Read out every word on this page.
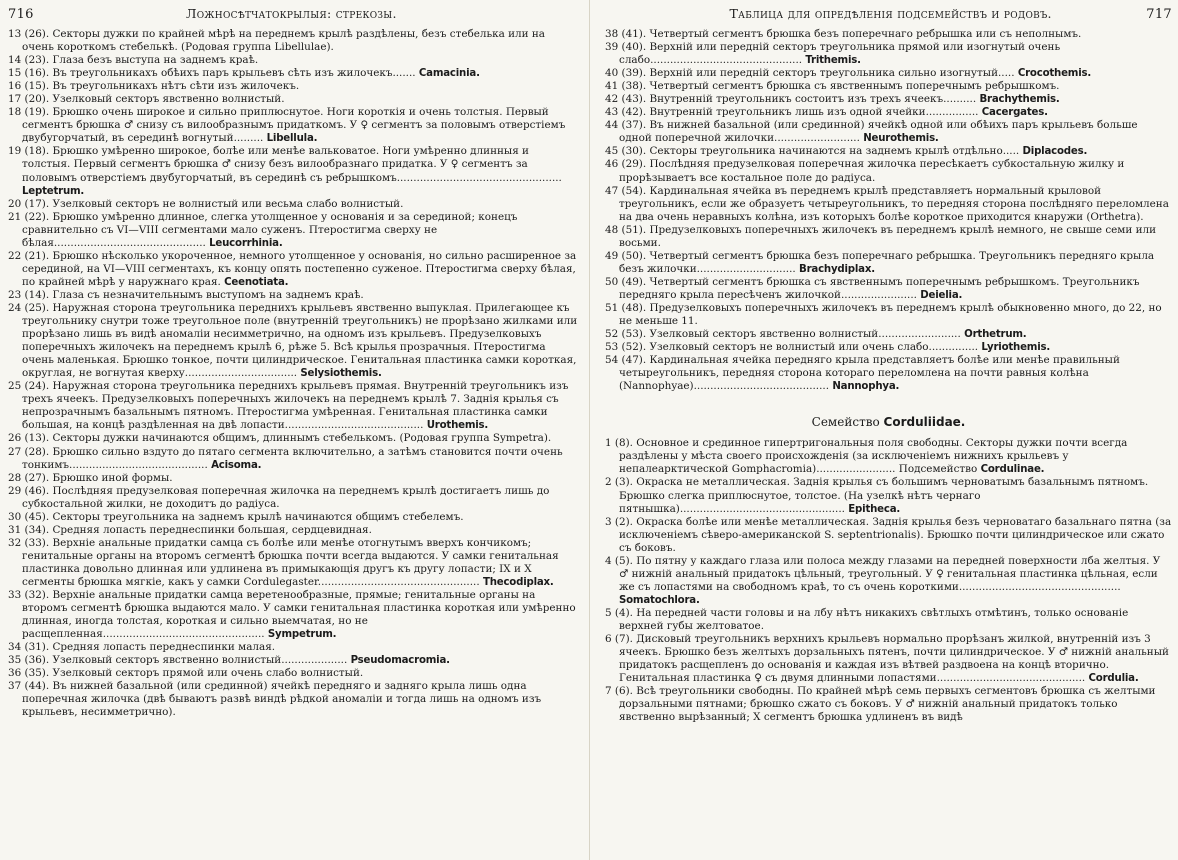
716	Ложносѣтчатокрылыя: стрекозы.

13 (26). Секторы дужки по крайней мѣрѣ на переднемъ крылѣ раздѣлены, безъ стебелька или на очень короткомъ стебелькѣ. (Родовая группа Libellulae).

14 (23). Глаза безъ выступа на заднемъ краѣ.

15 (16). Въ треугольникахъ обѣихъ паръ крыльевъ сѣть изъ жилочекъ....... Camacinia.

16 (15). Въ треугольникахъ нѣтъ сѣти изъ жилочекъ.

17 (20). Узелковый секторъ явственно волнистый.

18 (19). Брюшко очень широкое и сильно приплюснутое. Ноги короткія и очень толстыя. Первый сегментъ брюшка ♂ снизу съ вилообразнымъ придаткомъ. У ♀ сегментъ за половымъ отверстіемъ двубугорчатый, въ серединѣ вогнутый......... Libellula.

19 (18). Брюшко умѣренно широкое, болѣе или менѣе вальковатое. Ноги умѣренно длинныя и толстыя. Первый сегментъ брюшка ♂ снизу безъ вилообразнаго придатка. У ♀ сегментъ за половымъ отверстіемъ двубугорчатый, въ серединѣ съ ребрышкомъ.................................................. Leptetrum.

20 (17). Узелковый секторъ не волнистый или весьма слабо волнистый.

21 (22). Брюшко умѣренно длинное, слегка утолщенное у основанія и за серединой; конецъ сравнительно съ VI—VIII сегментами мало суженъ. Птеростигма сверху не бѣлая.............................................. Leucorrhinia.

22 (21). Брюшко нѣсколько укороченное, немного утолщенное у основанія, но сильно расширенное за серединой, на VI—VIII сегментахъ, къ концу опять постепенно суженое. Птеростигма сверху бѣлая, по крайней мѣрѣ у наружнаго края. Ceenotiata.

23 (14). Глаза съ незначительнымъ выступомъ на заднемъ краѣ.

24 (25). Наружная сторона треугольника переднихъ крыльевъ явственно выпуклая. Прилегающее къ треугольнику снутри тоже треугольное поле (внутренній треугольникъ) не прорѣзано жилками или прорѣзано лишь въ видѣ аномаліи несимметрично, на одномъ изъ крыльевъ. Предузелковыхъ поперечныхъ жилочекъ на переднемъ крылѣ 6, рѣже 5. Всѣ крылья прозрачныя. Птеростигма очень маленькая. Брюшко тонкое, почти цилиндрическое. Генитальная пластинка самки короткая, округлая, не вогнутая кверху.................................. Selysiothemis.

25 (24). Наружная сторона треугольника переднихъ крыльевъ прямая. Внутренній треугольникъ изъ трехъ ячеекъ. Предузелковыхъ поперечныхъ жилочекъ на переднемъ крылѣ 7. Заднія крылья съ непрозрачнымъ базальнымъ пятномъ. Птеростигма умѣренная. Генитальная пластинка самки большая, на концѣ раздѣленная на двѣ лопасти.......................................... Urothemis.

26 (13). Секторы дужки начинаются общимъ, длиннымъ стебелькомъ. (Родовая группа Sympetra).

27 (28). Брюшко сильно вздуто до пятаго сегмента включительно, а затѣмъ становится почти очень тонкимъ.......................................... Acisoma.

28 (27). Брюшко иной формы.

29 (46). Послѣдняя предузелковая поперечная жилочка на переднемъ крылѣ достигаетъ лишь до субкостальной жилки, не доходитъ до радіуса.

30 (45). Секторы треугольника на заднемъ крылѣ начинаются общимъ стебелемъ.

31 (34). Средняя лопасть переднеспинки большая, сердцевидная.

32 (33). Верхніе анальные придатки самца съ болѣе или менѣе отогнутымъ вверхъ кончикомъ; генитальные органы на второмъ сегментѣ брюшка почти всегда выдаются. У самки генитальная пластинка довольно длинная или удлинена въ примыкающія другъ къ другу лопасти; IX и X сегменты брюшка мягкіе, какъ у самки Cordulegaster................................................. Thecodiplax.

33 (32). Верхніе анальные придатки самца веретенообразные, прямые; генитальные органы на второмъ сегментѣ брюшка выдаются мало. У самки генитальная пластинка короткая или умѣренно длинная, иногда толстая, короткая и сильно выемчатая, но не расщепленная................................................. Sympetrum.

34 (31). Средняя лопасть переднеспинки малая.

35 (36). Узелковый секторъ явственно волнистый.................... Pseudomacromia.

36 (35). Узелковый секторъ прямой или очень слабо волнистый.

37 (44). Въ нижней базальной (или срединной) ячейкѣ передняго и задняго крыла лишь одна поперечная жилочка (двѣ бываютъ развѣ виндѣ рѣдкой аномаліи и тогда лишь на одномъ изъ крыльевъ, несимметрично).

Таблица для опредѣленія подсемействъ и родовъ.	717

38 (41). Четвертый сегментъ брюшка безъ поперечнаго ребрышка или съ неполнымъ.

39 (40). Верхній или передній секторъ треугольника прямой или изогнутый очень слабо.............................................. Trithemis.

40 (39). Верхній или передній секторъ треугольника сильно изогнутый..... Crocothemis.

41 (38). Четвертый сегментъ брюшка съ явственнымъ поперечнымъ ребрышкомъ.

42 (43). Внутренній треугольникъ состоитъ изъ трехъ ячеекъ.......... Brachythemis.

43 (42). Внутренній треугольникъ лишь изъ одной ячейки................ Cacergates.

44 (37). Въ нижней базальной (или срединной) ячейкѣ одной или обѣихъ паръ крыльевъ больше одной поперечной жилочки.......................... Neurothemis.

45 (30). Секторы треугольника начинаются на заднемъ крылѣ отдѣльно..... Diplacodes.

46 (29). Послѣдняя предузелковая поперечная жилочка пересѣкаетъ субкостальную жилку и прорѣзываетъ все костальное поле до радіуса.

47 (54). Кардинальная ячейка въ переднемъ крылѣ представляетъ нормальный крыловой треугольникъ, если же образуетъ четыреугольникъ, то передняя сторона послѣдняго переломлена на два очень неравныхъ колѣна, изъ которыхъ болѣе короткое приходится кнаружи (Orthetra).

48 (51). Предузелковыхъ поперечныхъ жилочекъ въ переднемъ крылѣ немного, не свыше семи или восьми.

49 (50). Четвертый сегментъ брюшка безъ поперечнаго ребрышка. Треугольникъ передняго крыла безъ жилочки.............................. Brachydiplax.

50 (49). Четвертый сегментъ брюшка съ явственнымъ поперечнымъ ребрышкомъ. Треугольникъ передняго крыла пересѣченъ жилочкой....................... Deielia.

51 (48). Предузелковыхъ поперечныхъ жилочекъ въ переднемъ крылѣ обыкновенно много, до 22, но не меньше 11.

52 (53). Узелковый секторъ явственно волнистый......................... Orthetrum.

53 (52). Узелковый секторъ не волнистый или очень слабо............... Lyriothemis.

54 (47). Кардинальная ячейка передняго крыла представляетъ болѣе или менѣе правильный четыреугольникъ, передняя сторона котораго переломлена на почти равныя колѣна (Nannophyae)......................................... Nannophya.

Семейство Corduliidae.

1 (8). Основное и срединное гипертригональныя поля свободны. Секторы дужки почти всегда раздѣлены у мѣста своего происхожденія (за исключеніемъ нижнихъ крыльевъ у непалеарктической Gomphacromia)........................ Подсемейство Cordulinae.

2 (3). Окраска не металлическая. Заднія крылья съ большимъ черноватымъ базальнымъ пятномъ. Брюшко слегка приплюснутое, толстое. (На узелкѣ нѣтъ чернаго пятнышка).................................................. Epitheca.

3 (2). Окраска болѣе или менѣе металлическая. Заднія крылья безъ черноватаго базальнаго пятна (за исключеніемъ сѣверо-американской S. septentrionalis). Брюшко почти цилиндрическое или сжато съ боковъ.

4 (5). По пятну у каждаго глаза или полоса между глазами на передней поверхности лба желтыя. У ♂ нижній анальный придатокъ цѣльный, треугольный. У ♀ генитальная пластинка цѣльная, если же съ лопастями на свободномъ краѣ, то съ очень короткими................................................. Somatochlora.

5 (4). На передней части головы и на лбу нѣтъ никакихъ свѣтлыхъ отмѣтинъ, только основаніе верхней губы желтоватое.

6 (7). Дисковый треугольникъ верхнихъ крыльевъ нормально прорѣзанъ жилкой, внутренній изъ 3 ячеекъ. Брюшко безъ желтыхъ дорзальныхъ пятенъ, почти цилиндрическое. У ♂ нижній анальный придатокъ расщепленъ до основанія и каждая изъ вѣтвей раздвоена на концѣ вторично. Генитальная пластинка ♀ съ двумя длинными лопастями............................................. Cordulia.

7 (6). Всѣ треугольники свободны. По крайней мѣрѣ семь первыхъ сегментовъ брюшка съ желтыми дорзальными пятнами; брюшко сжато съ боковъ. У ♂ нижній анальный придатокъ только явственно вырѣзанный; X сегментъ брюшка удлиненъ въ видѣ
